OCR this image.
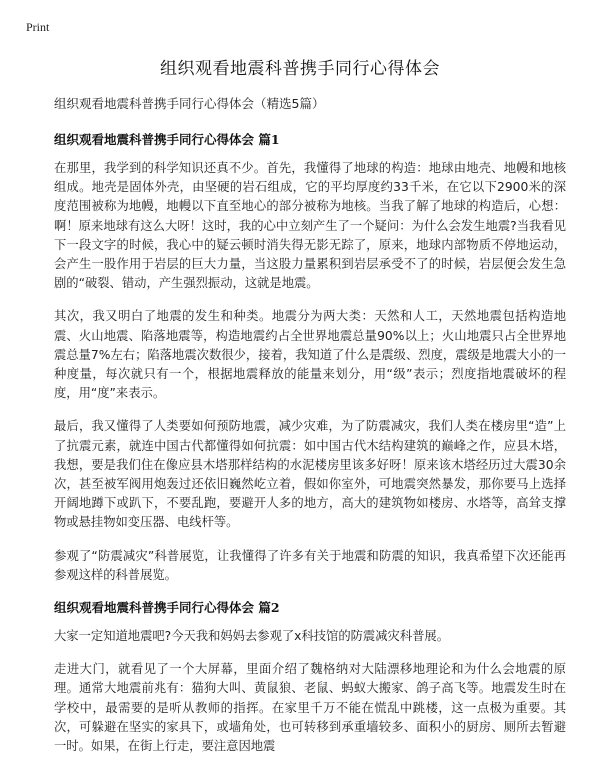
Print
组织观看地震科普携手同行心得体会

组织观看地震科普携手同行心得体会（精选5篇）

组织观看地震科普携手同行心得体会 篇1

在那里，我学到的科学知识还真不少。首先，我懂得了地球的构造：地球由地壳、地幔和地核组成。地壳是固体外壳，由坚硬的岩石组成，它的平均厚度约33千米，在它以下2900米的深度范围被称为地幔，地幔以下直至地心的部分被称为地核。当我了解了地球的构造后，心想：啊！原来地球有这么大呀！这时，我的心中立刻产生了一个疑问：为什么会发生地震?当我看见下一段文字的时候，我心中的疑云顿时消失得无影无踪了，原来，地球内部物质不停地运动，会产生一股作用于岩层的巨大力量，当这股力量累积到岩层承受不了的时候，岩层便会发生急剧的“破裂、错动，产生强烈振动，这就是地震。

其次，我又明白了地震的发生和种类。地震分为两大类：天然和人工，天然地震包括构造地震、火山地震、陷落地震等，构造地震约占全世界地震总量90%以上；火山地震只占全世界地震总量7%左右；陷落地震次数很少，接着，我知道了什么是震级、烈度，震级是地震大小的一种度量，每次就只有一个，根据地震释放的能量来划分，用“级”表示；烈度指地震破坏的程度，用“度”来表示。

最后，我又懂得了人类要如何预防地震，减少灾难，为了防震减灾，我们人类在楼房里“造”上了抗震元素，就连中国古代都懂得如何抗震：如中国古代木结构建筑的巅峰之作，应县木塔，我想，要是我们住在像应县木塔那样结构的水泥楼房里该多好呀！原来该木塔经历过大震30余次，甚至被军阀用炮轰过还依旧巍然屹立着，假如你室外，可地震突然暴发，那你要马上选择开阔地蹲下或趴下，不要乱跑，要避开人多的地方，高大的建筑物如楼房、水塔等，高耸支撑物或悬挂物如变压器、电线杆等。

参观了“防震减灾”科普展览，让我懂得了许多有关于地震和防震的知识，我真希望下次还能再参观这样的科普展览。

组织观看地震科普携手同行心得体会 篇2

大家一定知道地震吧?今天我和妈妈去参观了x科技馆的防震减灾科普展。

走进大门，就看见了一个大屏幕，里面介绍了魏格纳对大陆漂移地理论和为什么会地震的原理。通常大地震前兆有：猫狗大叫、黄鼠狼、老鼠、蚂蚁大搬家、鸽子高飞等。地震发生时在学校中，最需要的是听从教师的指挥。在家里千万不能在慌乱中跳楼，这一点极为重要。其次，可躲避在坚实的家具下，或墙角处，也可转移到承重墙较多、面积小的厨房、厕所去暂避一时。如果，在街上行走，要注意因地震
